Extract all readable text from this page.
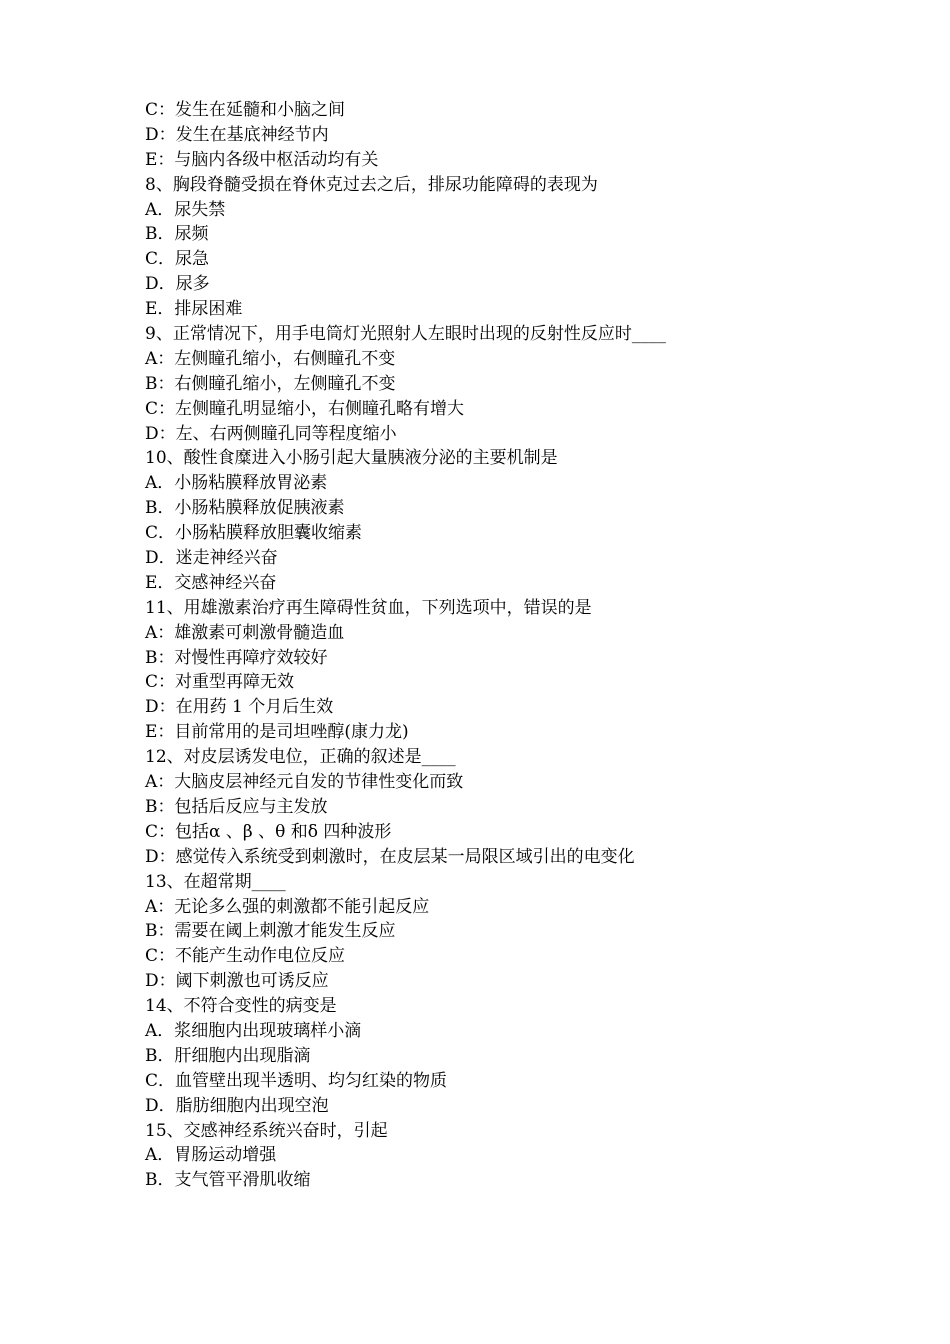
C：发生在延髓和小脑之间
D：发生在基底神经节内
E：与脑内各级中枢活动均有关
8、胸段脊髓受损在脊休克过去之后，排尿功能障碍的表现为
A．尿失禁
B．尿频
C．尿急
D．尿多
E．排尿困难
9、正常情况下，用手电筒灯光照射人左眼时出现的反射性反应时____
A：左侧瞳孔缩小，右侧瞳孔不变
B：右侧瞳孔缩小，左侧瞳孔不变
C：左侧瞳孔明显缩小，右侧瞳孔略有增大
D：左、右两侧瞳孔同等程度缩小
10、酸性食糜进入小肠引起大量胰液分泌的主要机制是
A．小肠粘膜释放胃泌素
B．小肠粘膜释放促胰液素
C．小肠粘膜释放胆囊收缩素
D．迷走神经兴奋
E．交感神经兴奋
11、用雄激素治疗再生障碍性贫血，下列选项中，错误的是
A：雄激素可刺激骨髓造血
B：对慢性再障疗效较好
C：对重型再障无效
D：在用药 1 个月后生效
E：目前常用的是司坦唑醇(康力龙)
12、对皮层诱发电位，正确的叙述是____
A：大脑皮层神经元自发的节律性变化而致
B：包括后反应与主发放
C：包括α 、β 、θ 和δ 四种波形
D：感觉传入系统受到刺激时，在皮层某一局限区域引出的电变化
13、在超常期____
A：无论多么强的刺激都不能引起反应
B：需要在阈上刺激才能发生反应
C：不能产生动作电位反应
D：阈下刺激也可诱反应
14、不符合变性的病变是
A．浆细胞内出现玻璃样小滴
B．肝细胞内出现脂滴
C．血管壁出现半透明、均匀红染的物质
D．脂肪细胞内出现空泡
15、交感神经系统兴奋时，引起
A．胃肠运动增强
B．支气管平滑肌收缩
